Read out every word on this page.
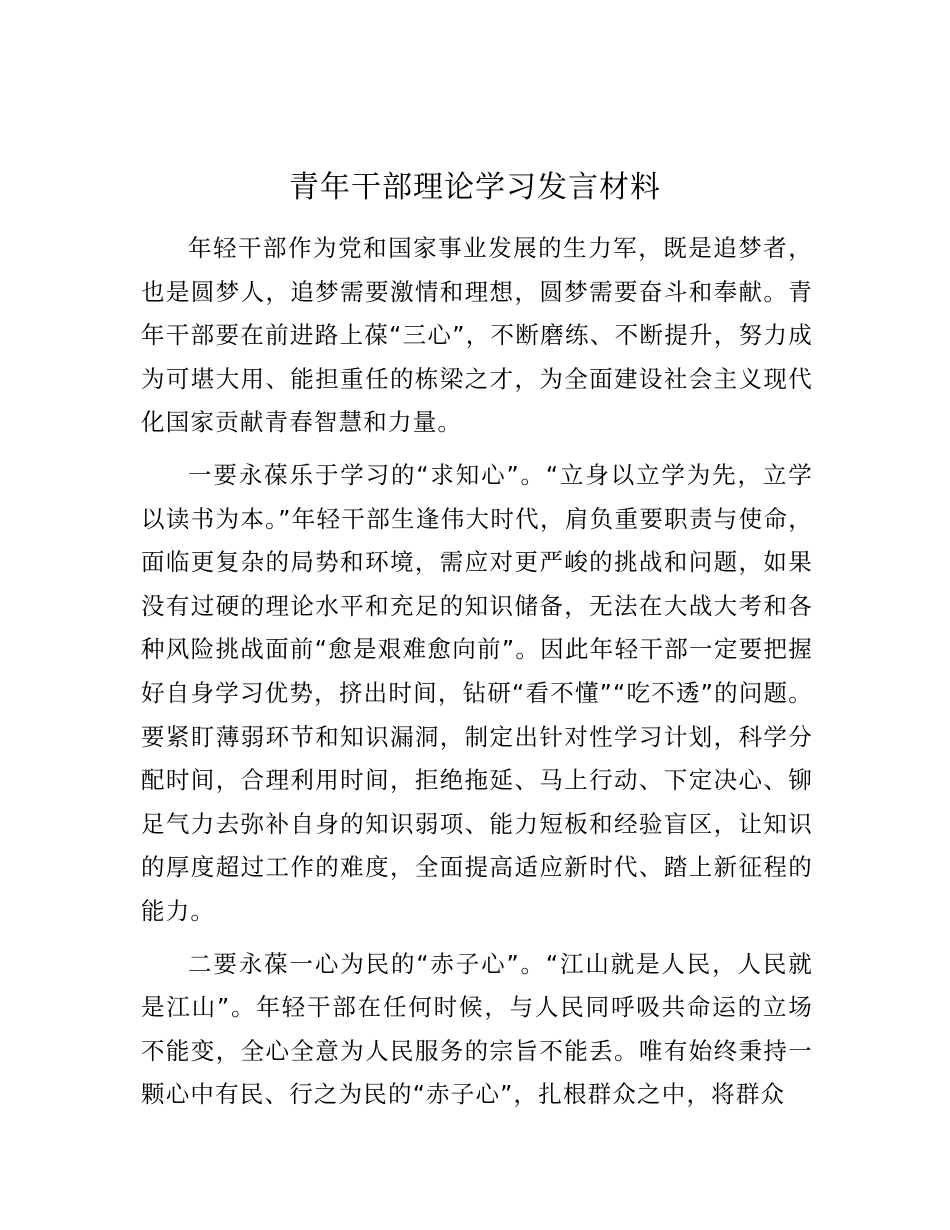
青年干部理论学习发言材料

年轻干部作为党和国家事业发展的生力军，既是追梦者，也是圆梦人，追梦需要激情和理想，圆梦需要奋斗和奉献。青年干部要在前进路上葆“三心”，不断磨练、不断提升，努力成为可堪大用、能担重任的栋梁之才，为全面建设社会主义现代化国家贡献青春智慧和力量。

一要永葆乐于学习的“求知心”。“立身以立学为先，立学以读书为本。”年轻干部生逢伟大时代，肩负重要职责与使命，面临更复杂的局势和环境，需应对更严峻的挑战和问题，如果没有过硬的理论水平和充足的知识储备，无法在大战大考和各种风险挑战面前“愈是艰难愈向前”。因此年轻干部一定要把握好自身学习优势，挤出时间，钻研“看不懂”“吃不透”的问题。要紧盯薄弱环节和知识漏洞，制定出针对性学习计划，科学分配时间，合理利用时间，拒绝拖延、马上行动、下定决心、铆足气力去弥补自身的知识弱项、能力短板和经验盲区，让知识的厚度超过工作的难度，全面提高适应新时代、踏上新征程的能力。

二要永葆一心为民的“赤子心”。“江山就是人民，人民就是江山”。年轻干部在任何时候，与人民同呼吸共命运的立场不能变，全心全意为人民服务的宗旨不能丢。唯有始终秉持一颗心中有民、行之为民的“赤子心”，扎根群众之中，将群众
